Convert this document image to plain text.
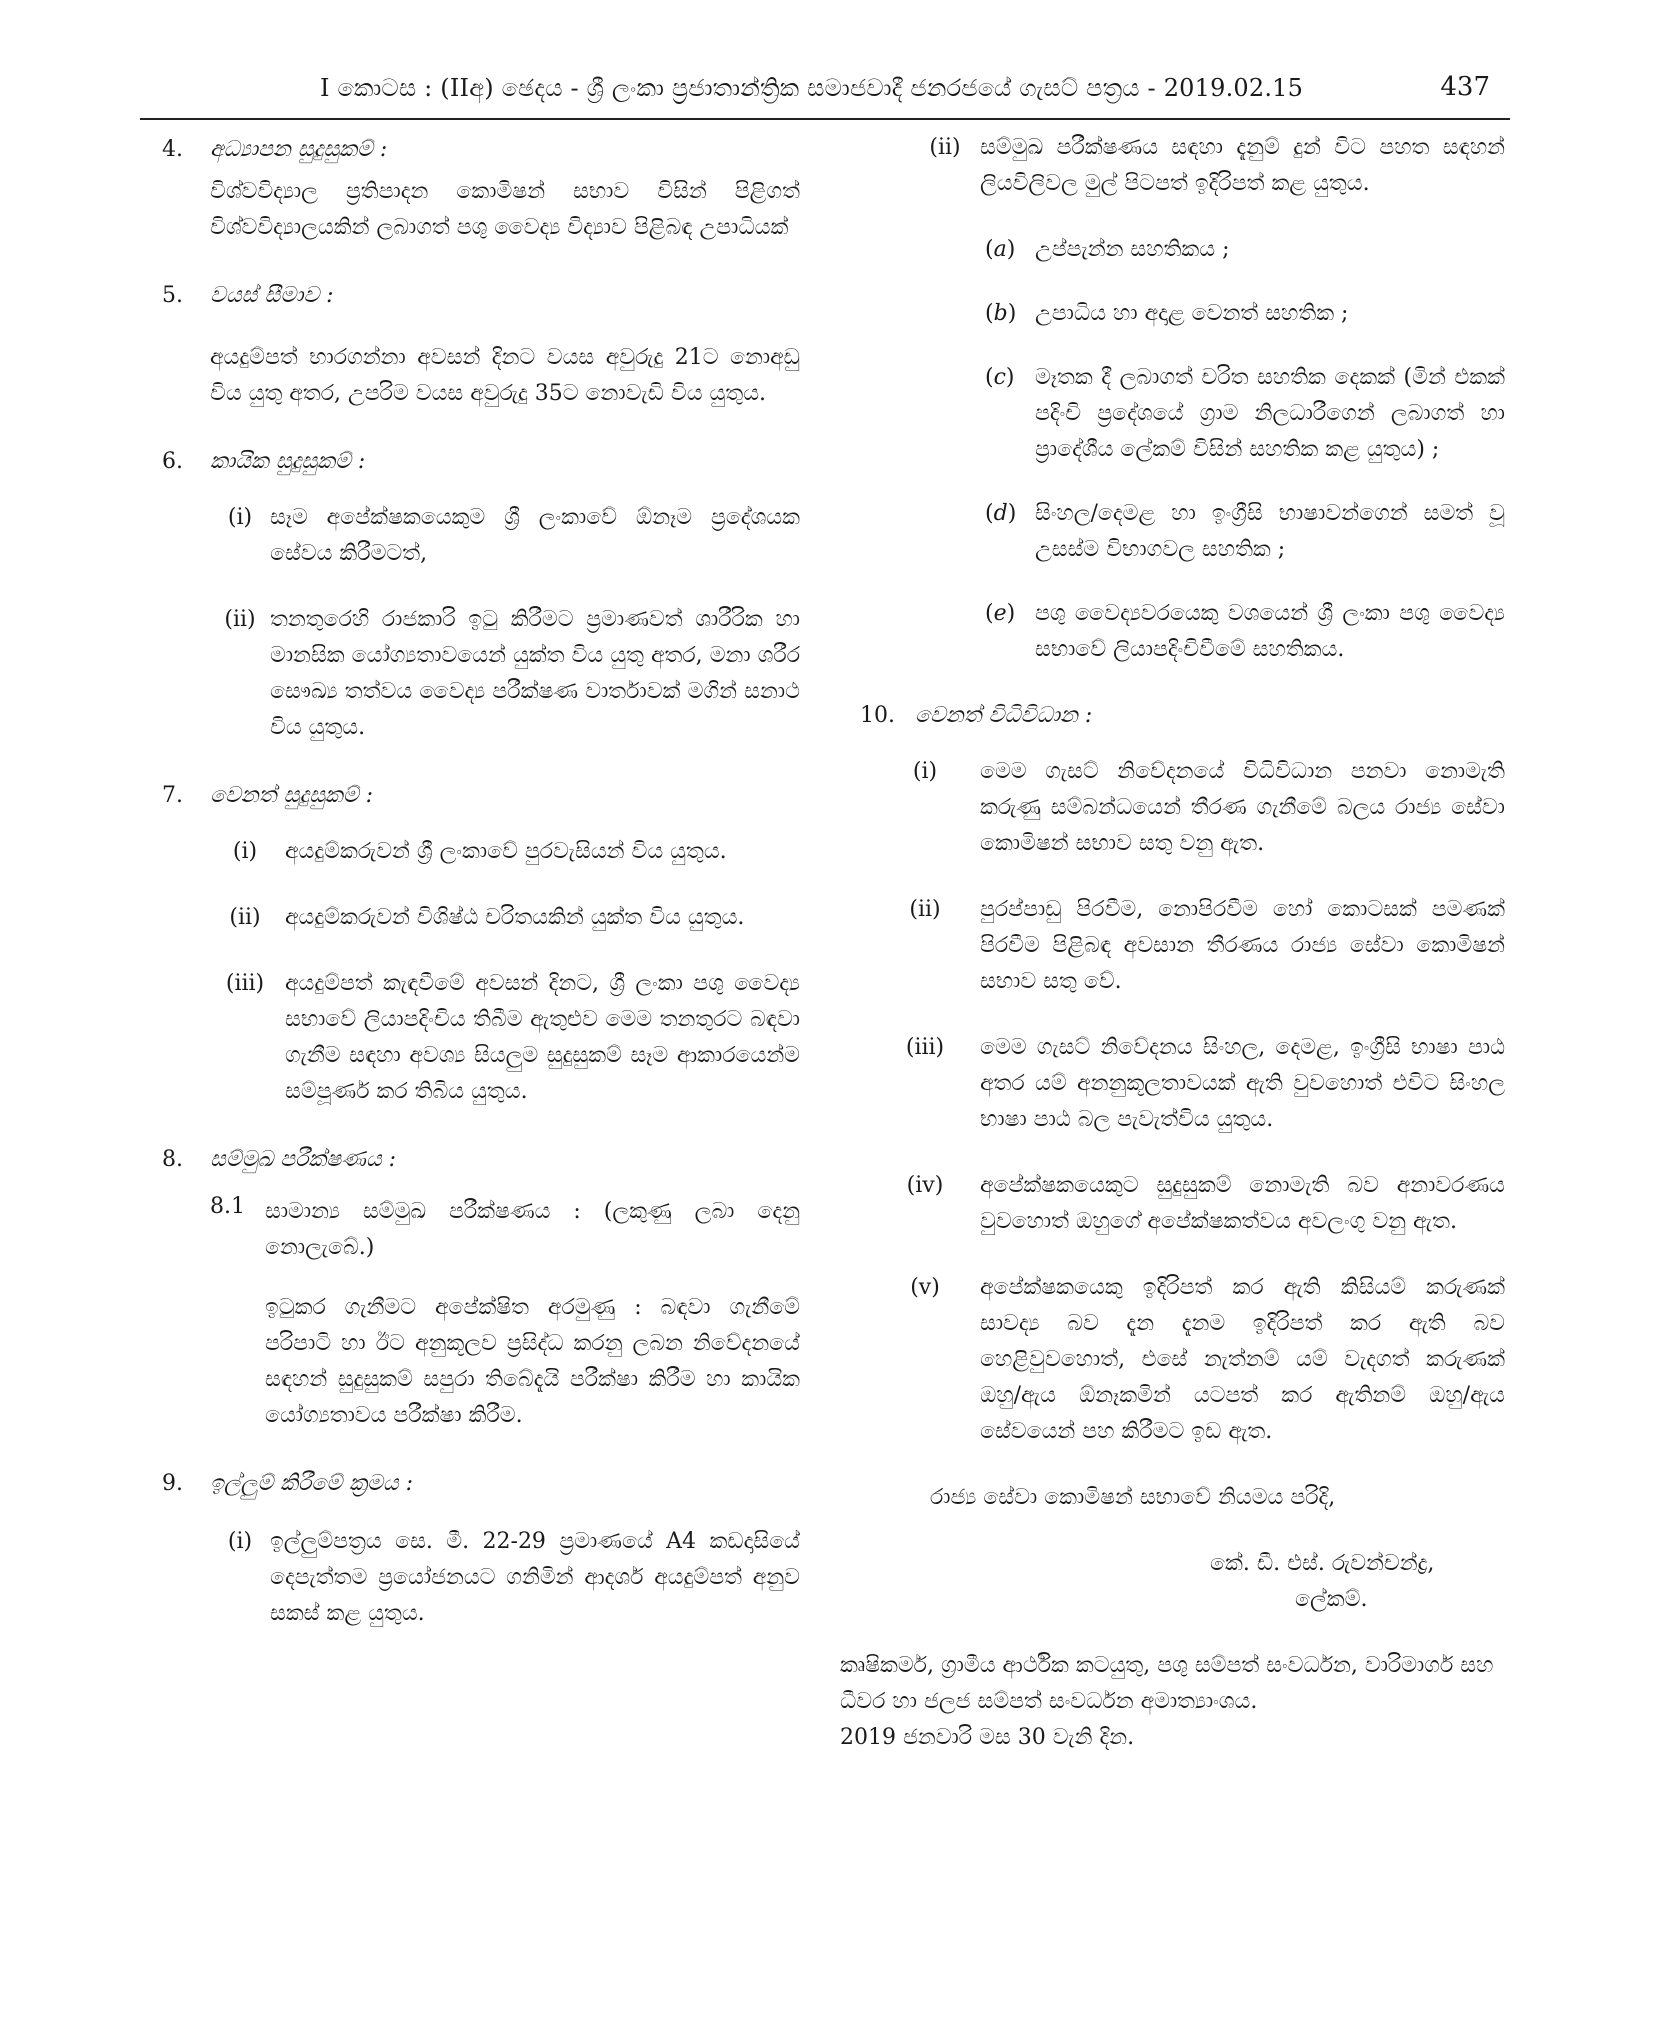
I කොටස : (IIඅ) ඡෙදය - ශ්‍රී ලංකා ප්‍රජාතාන්ත්‍රික සමාජවාදී ජනරජයේ ගැසට් පත්‍රය - 2019.02.15	437
4. අධ්‍යාපන සුදුසුකම් :
විශ්වවිද්‍යාල ප්‍රතිපාදන කොමිෂන් සභාව විසින් පිළිගත් විශ්වවිද්‍යාලයකින් ලබාගත් පශු වෛද්‍ය විද්‍යාව පිළිබඳ උපාධියක්
5. වයස් සීමාව :
අයදුම්පත් භාරගන්නා අවසන් දිනට වයස අවුරුදු 21ට නොඅඩු විය යුතු අතර, උපරිම වයස අවුරුදු 35ට නොවැඩි විය යුතුය.
6. කායික සුදුසුකම් :
(i) සෑම අපේක්ෂකයෙකුම ශ්‍රී ලංකාවේ ඕනෑම ප්‍රදේශයක සේවය කිරීමටත්,
(ii) තනතුරෙහි රාජකාරි ඉටු කිරීමට ප්‍රමාණවත් ශාරීරික හා මානසික යෝග්‍යතාවයෙන් යුක්ත විය යුතු අතර, මනා ශරීර සෞඛ්‍ය තත්වය වෛද්‍ය පරීක්ෂණ වාර්තාවක් මගින් සනාථ විය යුතුය.
7. වෙනත් සුදුසුකම් :
(i)	අයදුම්කරුවන් ශ්‍රී ලංකාවේ පුරවැසියන් විය යුතුය.
(ii) අයදුම්කරුවන් විශිෂ්ඨ චරිතයකින් යුක්ත විය යුතුය.
(iii) අයදුම්පත් කැඳවීමේ අවසන් දිනට, ශ්‍රී ලංකා පශු වෛද්‍ය සභාවේ ලියාපදිංචිය තිබීම ඇතුළුව මෙම තනතුරට බඳවා ගැනීම සඳහා අවශ්‍ය සියලුම සුදුසුකම් සෑම ආකාරයෙන්ම සම්පූර්ණ කර තිබිය යුතුය.
8. සම්මුඛ පරීක්ෂණය :
8.1 සාමාන්‍ය සම්මුඛ පරීක්ෂණය : (ලකුණු ලබා දෙනු නොලැබේ.)
ඉටුකර ගැනීමට අපේක්ෂිත අරමුණු : බඳවා ගැනීමේ පරිපාටි හා ඊට අනුකූලව ප්‍රසිද්ධ කරනු ලබන නිවේදනයේ සඳහන් සුදුසුකම් සපුරා තිබේදැයි පරීක්ෂා කිරීම හා කායික යෝග්‍යතාවය පරීක්ෂා කිරීම.
9. ඉල්ලුම් කිරීමේ ක්‍රමය :
(i) ඉල්ලුම්පත්‍රය සෙ. මී. 22-29 ප්‍රමාණයේ A4 කඩදාසියේ දෙපැත්තම ප්‍රයෝජනයට ගනිමින් ආදර්ශ අයදුම්පත් අනුව සකස් කළ යුතුය.
(ii) සම්මුඛ පරීක්ෂණය සඳහා දැනුම් දුන් විට පහත සඳහන් ලියවිලිවල මුල් පිටපත් ඉදිරිපත් කළ යුතුය.
(a) උප්පැන්න සහතිකය ;
(b) උපාධිය හා අදාළ වෙනත් සහතික ;
(c) මෑතක දී ලබාගත් චරිත සහතික දෙකක් (මින් එකක් පදිංචි ප්‍රදේශයේ ග්‍රාම නිලධාරීගෙන් ලබාගත් හා ප්‍රාදේශීය ලේකම් විසින් සහතික කළ යුතුය) ;
(d) සිංහල/දෙමළ හා ඉංග්‍රීසි භාෂාවන්ගෙන් සමත් වූ උසස්ම විභාගවල සහතික ;
(e) පශු වෛද්‍යවරයෙකු වශයෙන් ශ්‍රී ලංකා පශු වෛද්‍ය සභාවේ ලියාපදිංචිවීමේ සහතිකය.
10. වෙනත් විධිවිධාන :
(i)	මෙම ගැසට් නිවේදනයේ විධිවිධාන පනවා නොමැති කරුණු සම්බන්ධයෙන් තීරණ ගැනීමේ බලය රාජ්‍ය සේවා කොමිෂන් සභාව සතු වනු ඇත.
(ii)	පුරප්පාඩු පිරවීම, නොපිරවීම හෝ කොටසක් පමණක් පිරවීම පිළිබඳ අවසාන තීරණය රාජ්‍ය සේවා කොමිෂන් සභාව සතු වේ.
(iii) මෙම ගැසට් නිවේදනය සිංහල, දෙමළ, ඉංග්‍රීසි භාෂා පාඨ අතර යම් අනනුකූලතාවයක් ඇති වුවහොත් එවිට සිංහල භාෂා පාඨ බල පැවැත්විය යුතුය.
(iv)	අපේක්ෂකයෙකුට සුදුසුකම් නොමැති බව අනාවරණය වුවහොත් ඔහුගේ අපේක්ෂකත්වය අවලංගු වනු ඇත.
(v)	අපේක්ෂකයෙකු ඉදිරිපත් කර ඇති කිසියම් කරුණක් සාවද්‍ය බව දැන දැනම ඉදිරිපත් කර ඇති බව හෙළිවුවහොත්, එසේ නැත්නම් යම් වැදගත් කරුණක් ඔහු/ඇය ඕනෑකමින් යටපත් කර ඇතිනම් ඔහු/ඇය සේවයෙන් පහ කිරීමට ඉඩ ඇත.
රාජ්‍ය සේවා කොමිෂන් සභාවේ නියමය පරිදි,
කේ. ඩී. එස්. රුවන්චන්ද්‍ර,
ලේකම්.
කෘෂිකර්ම, ග්‍රාමීය ආර්ථික කටයුතු, පශු සම්පත් සංවර්ධන, වාරිමාර්ග සහ ධීවර හා ජලජ සම්පත් සංවර්ධන අමාත්‍යාංශය.
2019 ජනවාරි මස 30 වැනි දින.
